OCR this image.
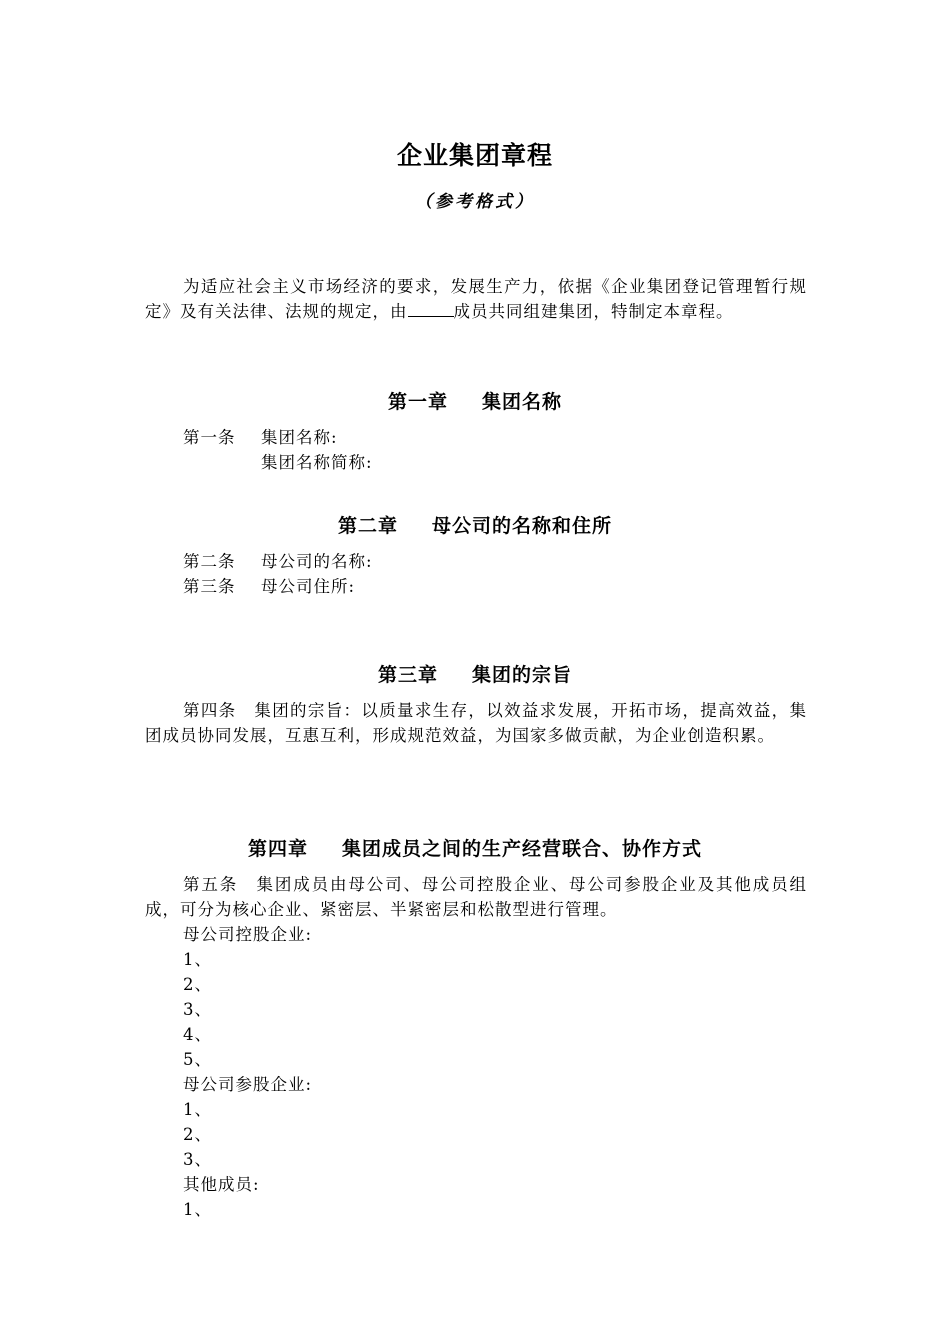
企业集团章程
（参考格式）
为适应社会主义市场经济的要求，发展生产力，依据《企业集团登记管理暂行规定》及有关法律、法规的规定，由	成员共同组建集团，特制定本章程。
第一章 集团名称
第一条 集团名称:
集团名称简称:
第二章 母公司的名称和住所
第二条 母公司的名称:
第三条 母公司住所:
第三章 集团的宗旨
第四条　集团的宗旨：以质量求生存，以效益求发展，开拓市场，提高效益，集团成员协同发展，互惠互利，形成规范效益，为国家多做贡献，为企业创造积累。
第四章 集团成员之间的生产经营联合、协作方式
第五条　集团成员由母公司、母公司控股企业、母公司参股企业及其他成员组成，可分为核心企业、紧密层、半紧密层和松散型进行管理。
母公司控股企业:
1、
2、
3、
4、
5、
母公司参股企业:
1、
2、
3、
其他成员:
1、
